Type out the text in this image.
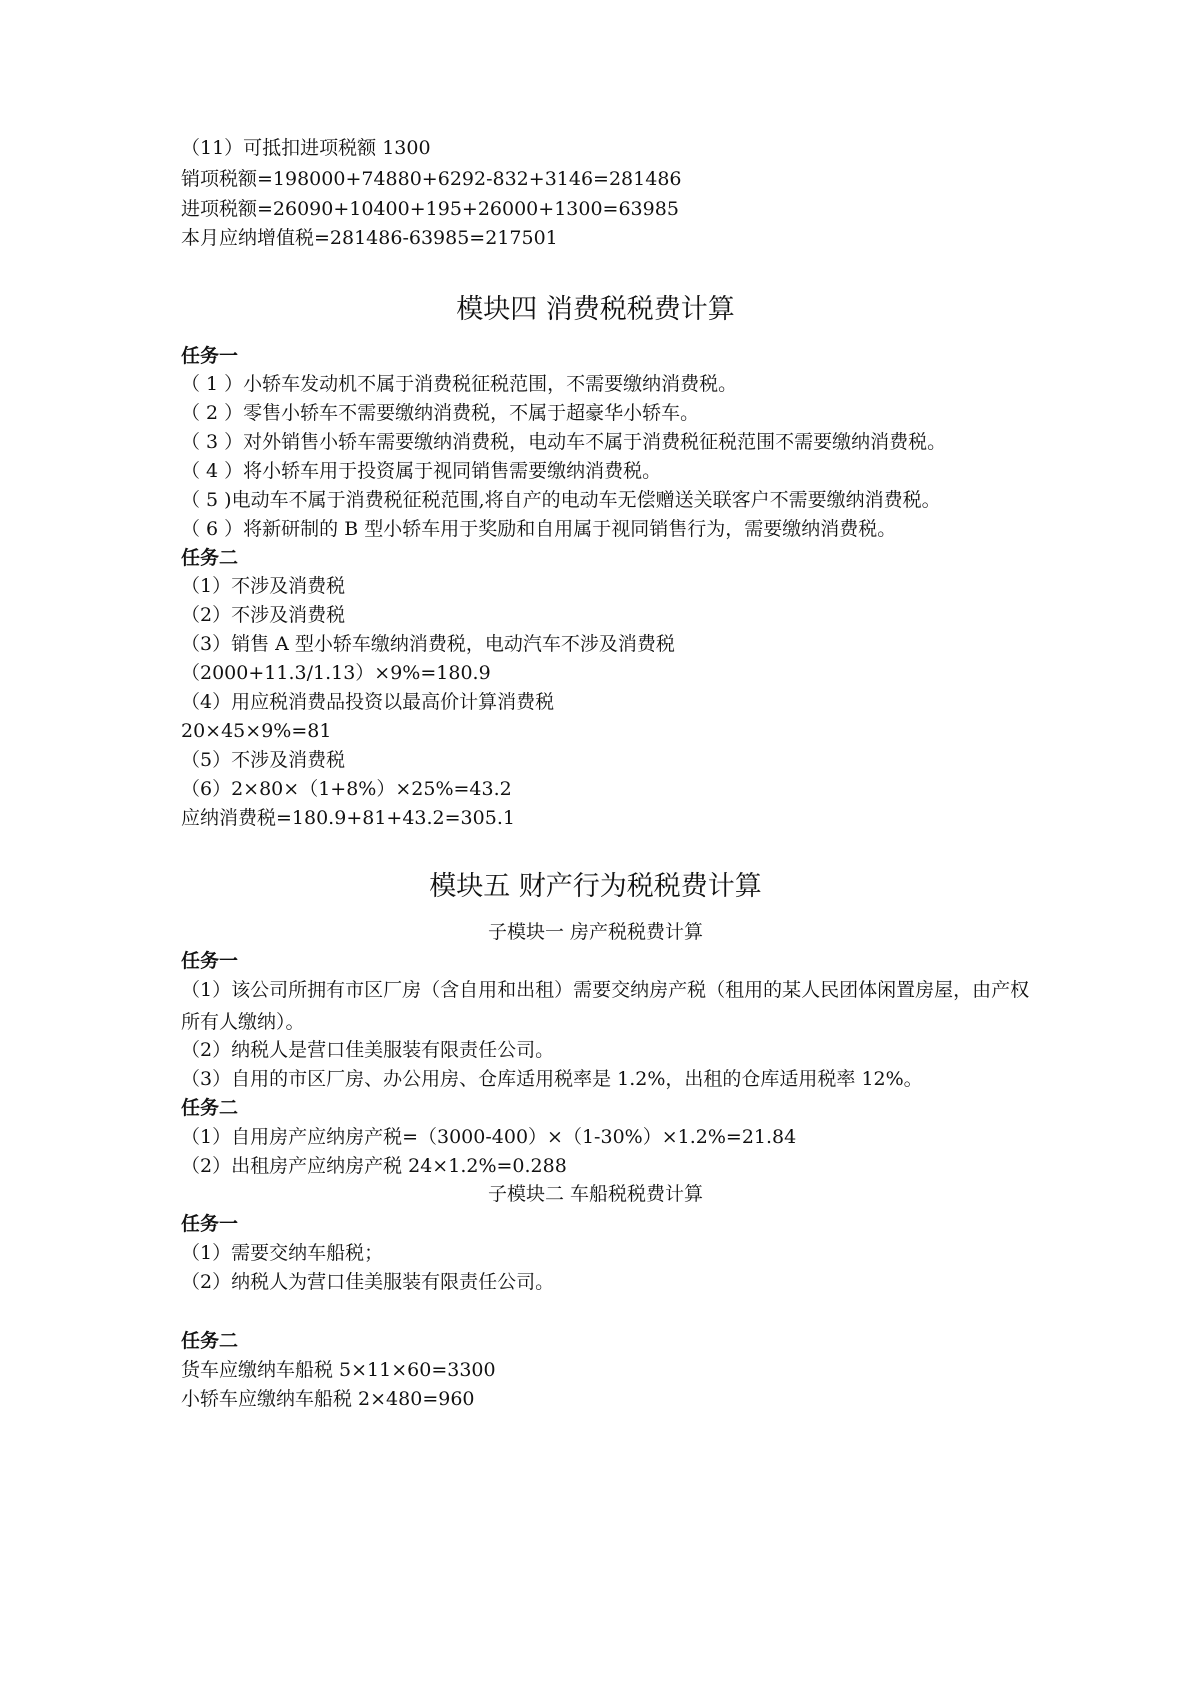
（11）可抵扣进项税额 1300
销项税额=198000+74880+6292-832+3146=281486
进项税额=26090+10400+195+26000+1300=63985
本月应纳增值税=281486-63985=217501
模块四 消费税税费计算
任务一
（ 1 ）小轿车发动机不属于消费税征税范围，不需要缴纳消费税。
（ 2 ）零售小轿车不需要缴纳消费税，不属于超豪华小轿车。
（ 3 ）对外销售小轿车需要缴纳消费税，电动车不属于消费税征税范围不需要缴纳消费税。
（ 4 ）将小轿车用于投资属于视同销售需要缴纳消费税。
（ 5 )电动车不属于消费税征税范围,将自产的电动车无偿赠送关联客户不需要缴纳消费税。
（ 6 ）将新研制的 B 型小轿车用于奖励和自用属于视同销售行为，需要缴纳消费税。
任务二
（1）不涉及消费税
（2）不涉及消费税
（3）销售 A 型小轿车缴纳消费税，电动汽车不涉及消费税
（2000+11.3/1.13）×9%=180.9
（4）用应税消费品投资以最高价计算消费税
20×45×9%=81
（5）不涉及消费税
（6）2×80×（1+8%）×25%=43.2
应纳消费税=180.9+81+43.2=305.1
模块五 财产行为税税费计算
子模块一 房产税税费计算
任务一
（1）该公司所拥有市区厂房（含自用和出租）需要交纳房产税（租用的某人民团体闲置房屋，由产权所有人缴纳）。
（2）纳税人是营口佳美服装有限责任公司。
（3）自用的市区厂房、办公用房、仓库适用税率是 1.2%，出租的仓库适用税率 12%。
任务二
（1）自用房产应纳房产税=（3000-400）×（1-30%）×1.2%=21.84
（2）出租房产应纳房产税 24×1.2%=0.288
子模块二 车船税税费计算
任务一
（1）需要交纳车船税；
（2）纳税人为营口佳美服装有限责任公司。
任务二
货车应缴纳车船税 5×11×60=3300
小轿车应缴纳车船税 2×480=960
